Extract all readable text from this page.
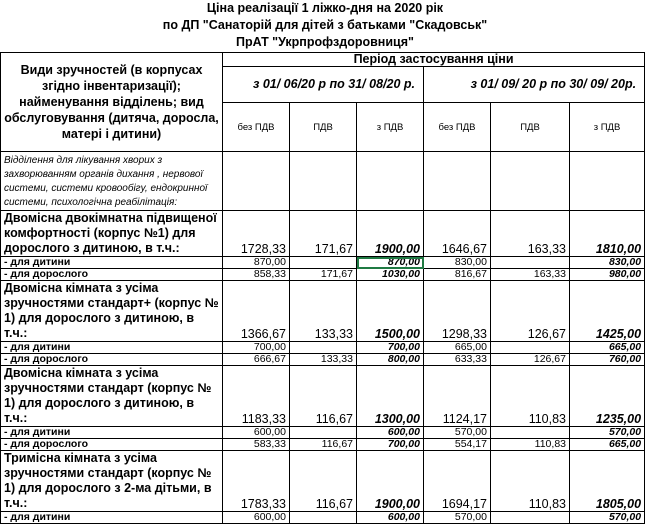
Ціна реалізації 1 ліжко-дня на 2020 рік
по ДП "Санаторій для дітей з батьками "Скадовськ"
ПрАТ "Укрпрофздоровниця"
Види зручностей (в корпусах згідно інвентаризації); найменування відділень; вид обслуговування (дитяча, доросла, матері і дитини)	Період застосування ціни					
	з 01/ 06/20 р по 31/ 08/20 р.			з 01/ 09/ 20 р по 30/ 09/ 20р.		
	без ПДВ	ПДВ	з ПДВ	без ПДВ	ПДВ	з ПДВ
Відділення для лікування хворих з захворюванням органів дихання , нервової системи, системи кровообігу, ендокринної системи, психологічна реабілітація:						
Двомісна двокімнатна підвищеної комфортності (корпус №1) для дорослого з дитиною, в т.ч.:	1728,33	171,67	1900,00	1646,67	163,33	1810,00
- для дитини	870,00		870,00	830,00		830,00
- для дорослого	858,33	171,67	1030,00	816,67	163,33	980,00
Двомісна кімната з усіма зручностями стандарт+ (корпус № 1) для дорослого з дитиною, в т.ч.:	1366,67	133,33	1500,00	1298,33	126,67	1425,00
- для дитини	700,00		700,00	665,00		665,00
- для дорослого	666,67	133,33	800,00	633,33	126,67	760,00
Двомісна кімната з усіма зручностями стандарт (корпус № 1) для дорослого з дитиною, в т.ч.:	1183,33	116,67	1300,00	1124,17	110,83	1235,00
- для дитини	600,00		600,00	570,00		570,00
- для дорослого	583,33	116,67	700,00	554,17	110,83	665,00
Тримісна кімната з усіма зручностями стандарт (корпус № 1) для дорослого з 2-ма дітьми, в т.ч.:	1783,33	116,67	1900,00	1694,17	110,83	1805,00
- для дитини	600,00		600,00	570,00		570,00
